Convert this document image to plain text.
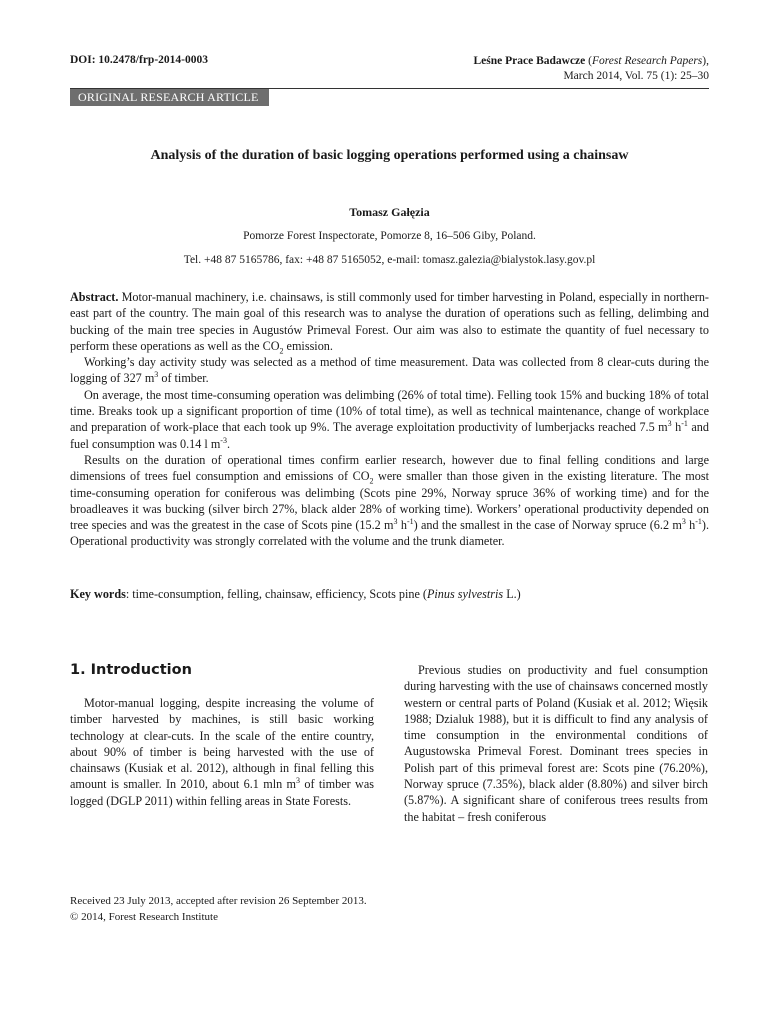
DOI: 10.2478/frp-2014-0003	Leśne Prace Badawcze (Forest Research Papers),
March 2014, Vol. 75 (1): 25–30
ORIGINAL RESEARCH ARTICLE
Analysis of the duration of basic logging operations performed using a chainsaw
Tomasz Gałęzia
Pomorze Forest Inspectorate, Pomorze 8, 16–506 Giby, Poland.
Tel. +48 87 5165786, fax: +48 87 5165052, e-mail: tomasz.galezia@bialystok.lasy.gov.pl

Abstract. Motor-manual machinery, i.e. chainsaws, is still commonly used for timber harvesting in Poland, especially in northern-east part of the country. The main goal of this research was to analyse the duration of operations such as felling, delimbing and bucking of the main tree species in Augustów Primeval Forest. Our aim was also to estimate the quantity of fuel necessary to perform these operations as well as the $CO_2$ emission.

Working’s day activity study was selected as a method of time measurement. Data was collected from 8 clear-cuts during the logging of 327 $m^3$ of timber.

On average, the most time-consuming operation was delimbing (26% of total time). Felling took 15% and bucking 18% of total time. Breaks took up a significant proportion of time (10% of total time), as well as technical maintenance, change of workplace and preparation of work-place that each took up 9%. The average exploitation productivity of lumberjacks reached 7.5 $m^3$ $h^{-1}$ and fuel consumption was 0.14 l $m^{-3}$.

Results on the duration of operational times confirm earlier research, however due to final felling conditions and large dimensions of trees fuel consumption and emissions of $CO_2$ were smaller than those given in the existing literature. The most time-consuming operation for coniferous was delimbing (Scots pine 29%, Norway spruce 36% of working time) and for the broadleaves it was bucking (silver birch 27%, black alder 28% of working time). Workers’ operational productivity depended on tree species and was the greatest in the case of Scots pine (15.2 $m^3$ $h^{-1}$) and the smallest in the case of Norway spruce (6.2 $m^3$ $h^{-1}$). Operational productivity was strongly correlated with the volume and the trunk diameter.

Key words: time-consumption, felling, chainsaw, efficiency, Scots pine (Pinus sylvestris L.)
1. Introduction

Motor-manual logging, despite increasing the volume of timber harvested by machines, is still basic working technology at clear-cuts. In the scale of the entire country, about 90% of timber is being harvested with the use of chainsaws (Kusiak et al. 2012), although in final felling this amount is smaller. In 2010, about 6.1 mln $m^3$ of timber was logged (DGLP 2011) within felling areas in State Forests.

Previous studies on productivity and fuel consumption during harvesting with the use of chainsaws concerned mostly western or central parts of Poland (Kusiak et al. 2012; Więsik 1988; Dzialuk 1988), but it is difficult to find any analysis of time consumption in the environmental conditions of Augustowska Primeval Forest. Dominant trees species in Polish part of this primeval forest are: Scots pine (76.20%), Norway spruce (7.35%), black alder (8.80%) and silver birch (5.87%). A significant share of coniferous trees results from the habitat – fresh coniferous

Received 23 July 2013, accepted after revision 26 September 2013.
© 2014, Forest Research Institute
